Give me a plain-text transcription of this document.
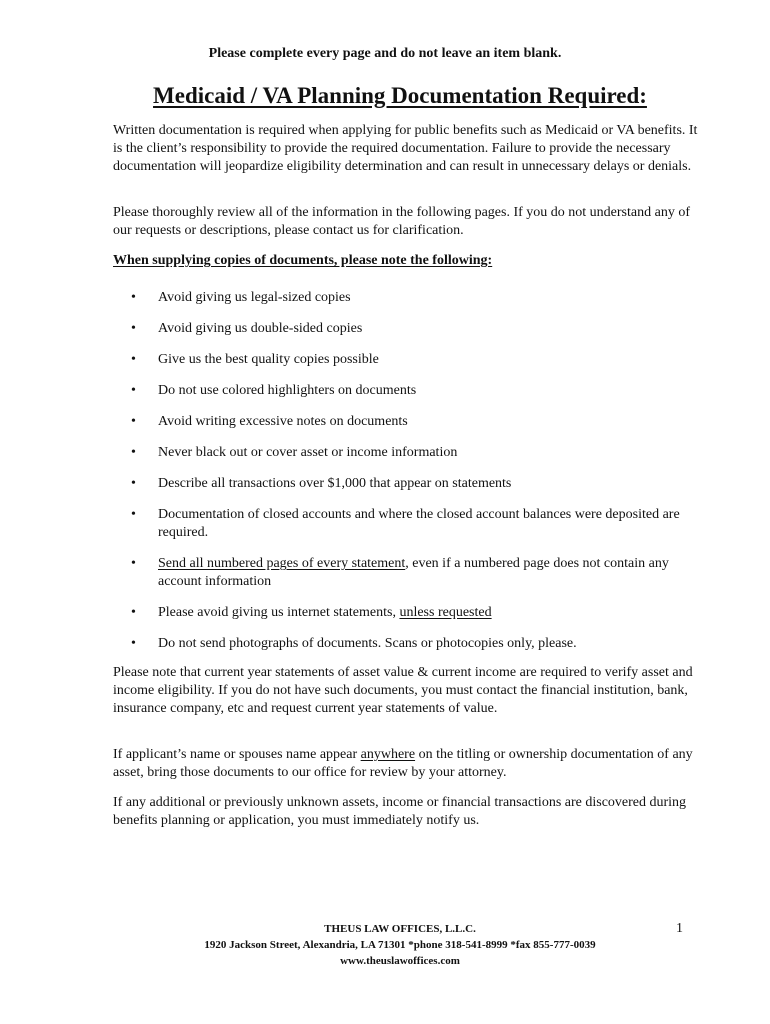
Please complete every page and do not leave an item blank.
Medicaid / VA Planning Documentation Required:

Written documentation is required when applying for public benefits such as Medicaid or VA benefits. It is the client’s responsibility to provide the required documentation. Failure to provide the necessary documentation will jeopardize eligibility determination and can result in unnecessary delays or denials.

Please thoroughly review all of the information in the following pages. If you do not understand any of our requests or descriptions, please contact us for clarification.

When supplying copies of documents, please note the following:

• Avoid giving us legal-sized copies
• Avoid giving us double-sided copies
• Give us the best quality copies possible
• Do not use colored highlighters on documents
• Avoid writing excessive notes on documents
• Never black out or cover asset or income information
• Describe all transactions over $1,000 that appear on statements
• Documentation of closed accounts and where the closed account balances were deposited are required.
• Send all numbered pages of every statement, even if a numbered page does not contain any account information
• Please avoid giving us internet statements, unless requested
• Do not send photographs of documents. Scans or photocopies only, please.

Please note that current year statements of asset value & current income are required to verify asset and income eligibility. If you do not have such documents, you must contact the financial institution, bank, insurance company, etc and request current year statements of value.

If applicant’s name or spouses name appear anywhere on the titling or ownership documentation of any asset, bring those documents to our office for review by your attorney.

If any additional or previously unknown assets, income or financial transactions are discovered during benefits planning or application, you must immediately notify us.

THEUS LAW OFFICES, L.L.C.
1920 Jackson Street, Alexandria, LA 71301 *phone 318-541-8999 *fax 855-777-0039
www.theuslawoffices.com
1
